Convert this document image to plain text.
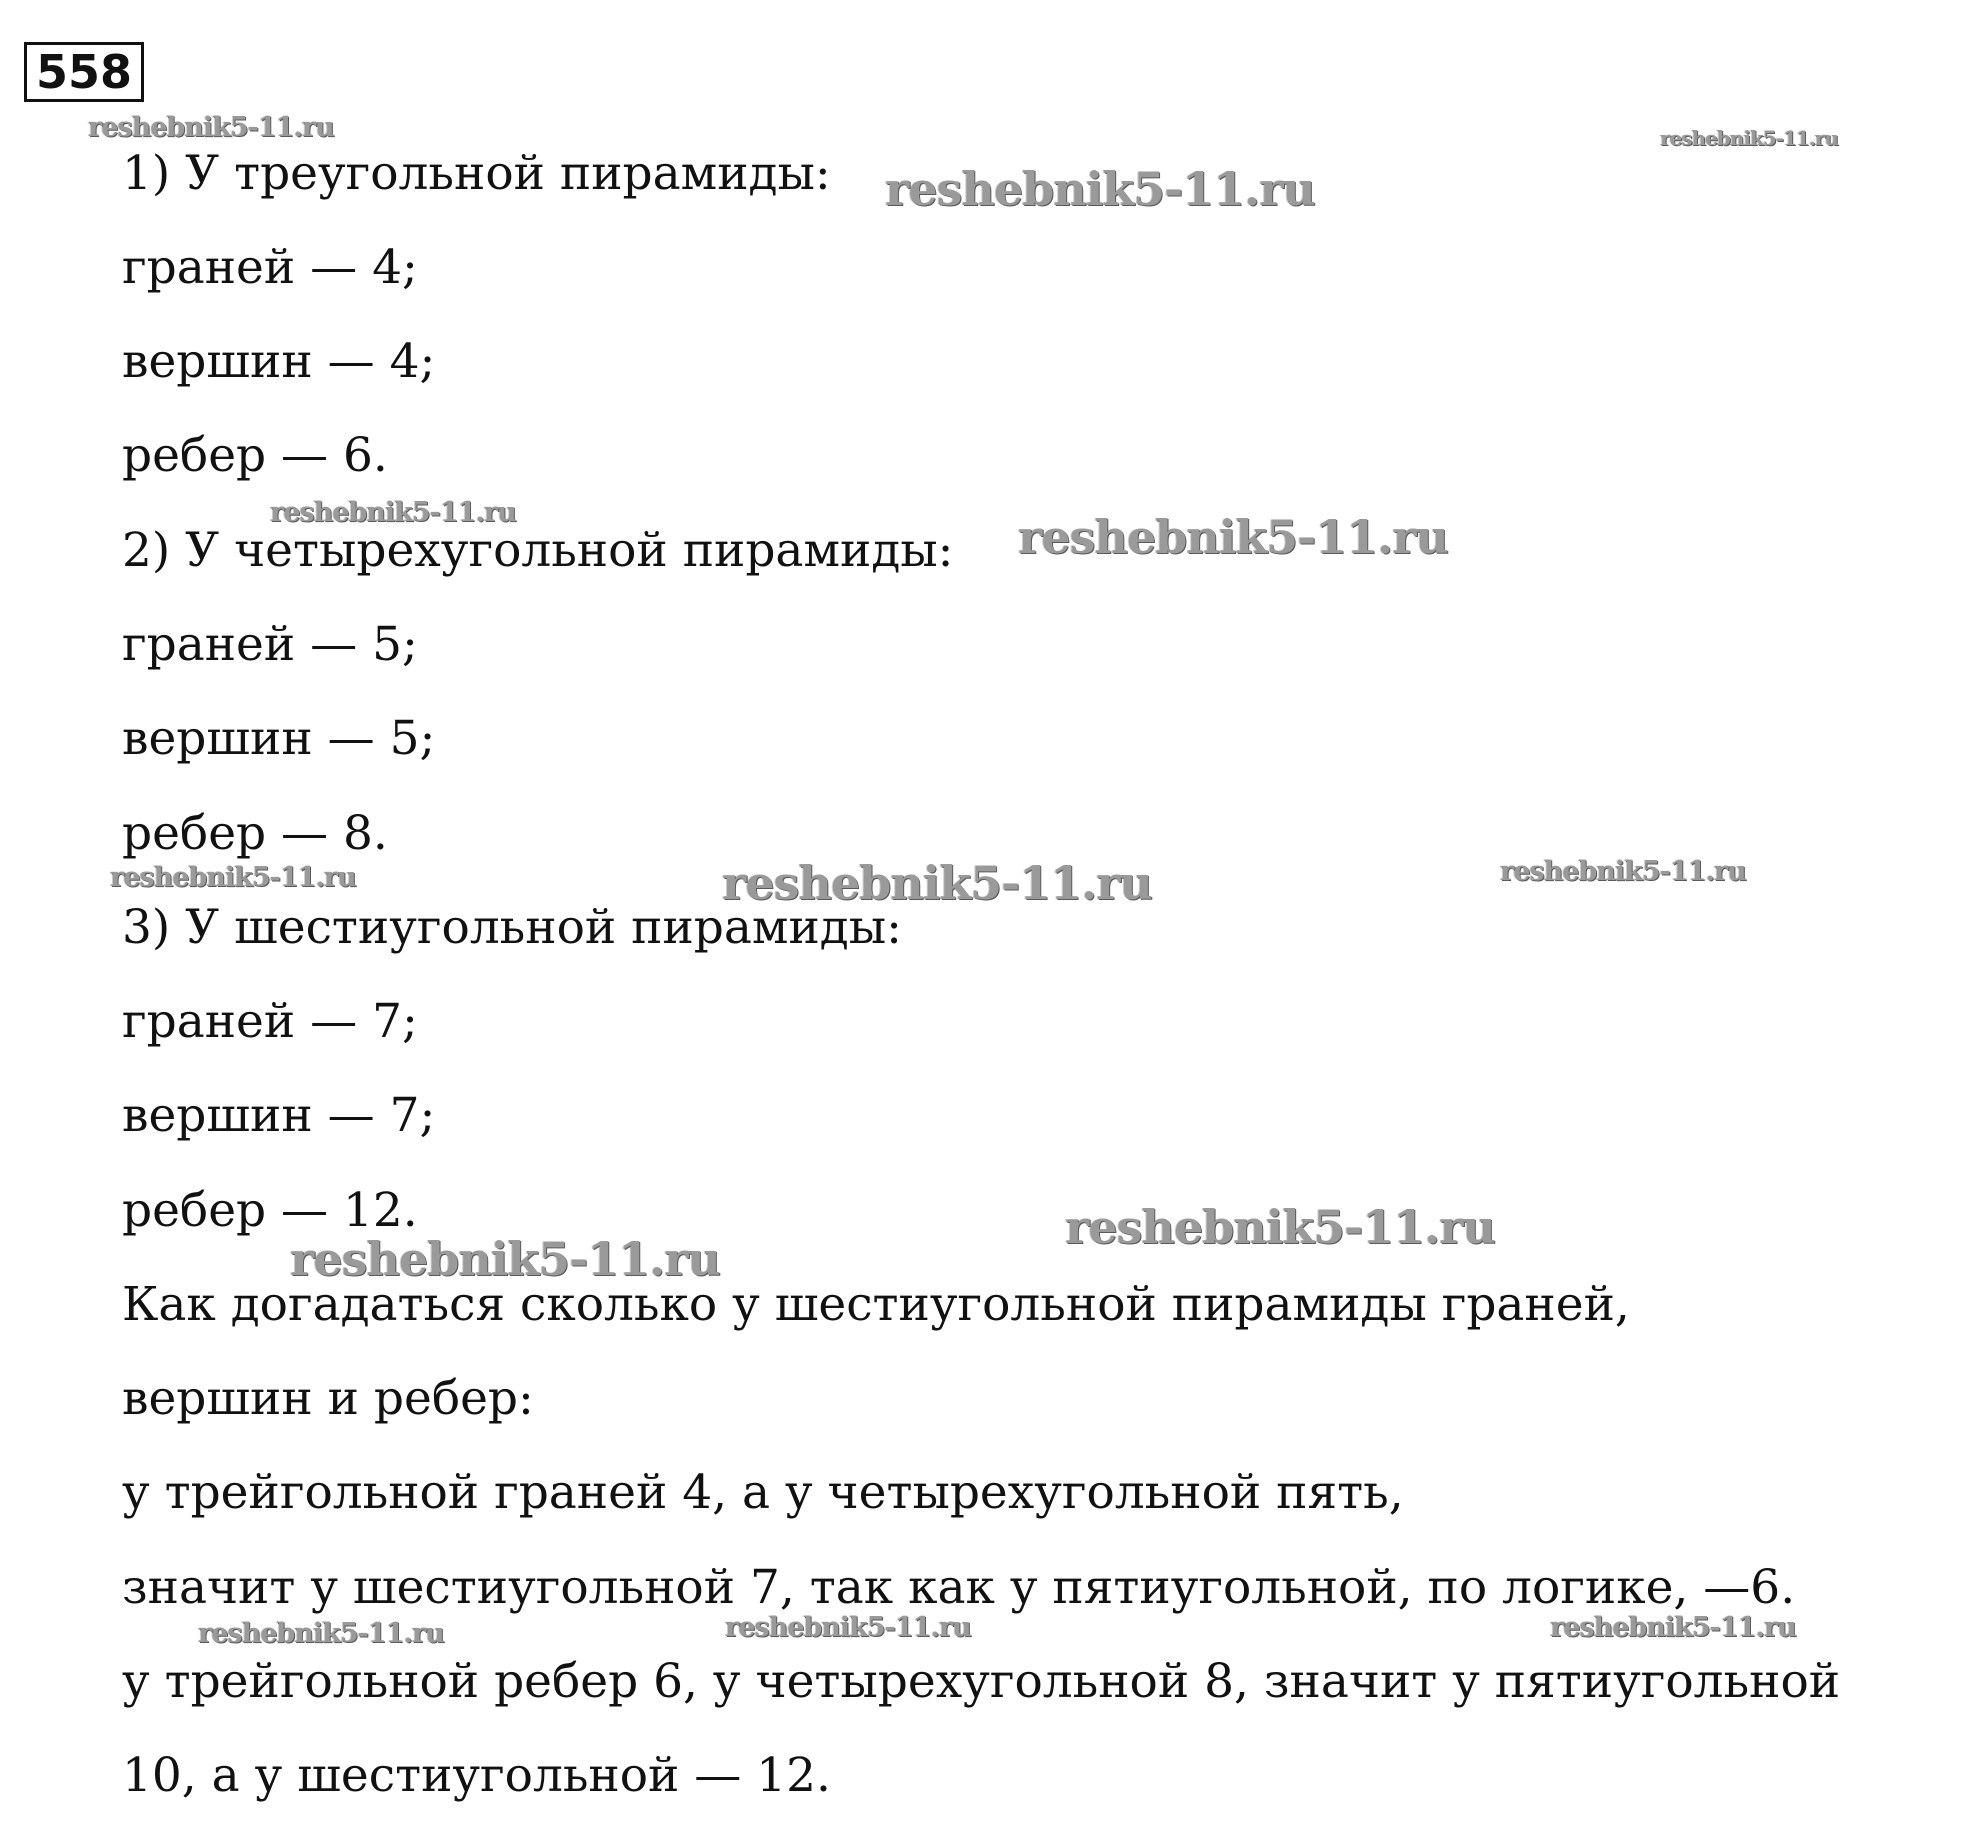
558
1) У треугольной пирамиды:
граней — 4;
вершин — 4;
ребер — 6.
2) У четырехугольной пирамиды:
граней — 5;
вершин — 5;
ребер — 8.
3) У шестиугольной пирамиды:
граней — 7;
вершин — 7;
ребер — 12.
Как догадаться сколько у шестиугольной пирамиды граней,
вершин и ребер:
у трейгольной граней 4, а у четырехугольной пять,
значит у шестиугольной 7, так как у пятиугольной, по логике, —6.
у трейгольной ребер 6, у четырехугольной 8, значит у пятиугольной
10, а у шестиугольной — 12.
reshebnik5-11.ru	reshebnik5-11.ru
reshebnik5-11.ru
reshebnik5-11.ru	reshebnik5-11.ru
reshebnik5-11.ru	reshebnik5-11.ru	reshebnik5-11.ru
reshebnik5-11.ru
reshebnik5-11.ru
reshebnik5-11.ru	reshebnik5-11.ru	reshebnik5-11.ru
